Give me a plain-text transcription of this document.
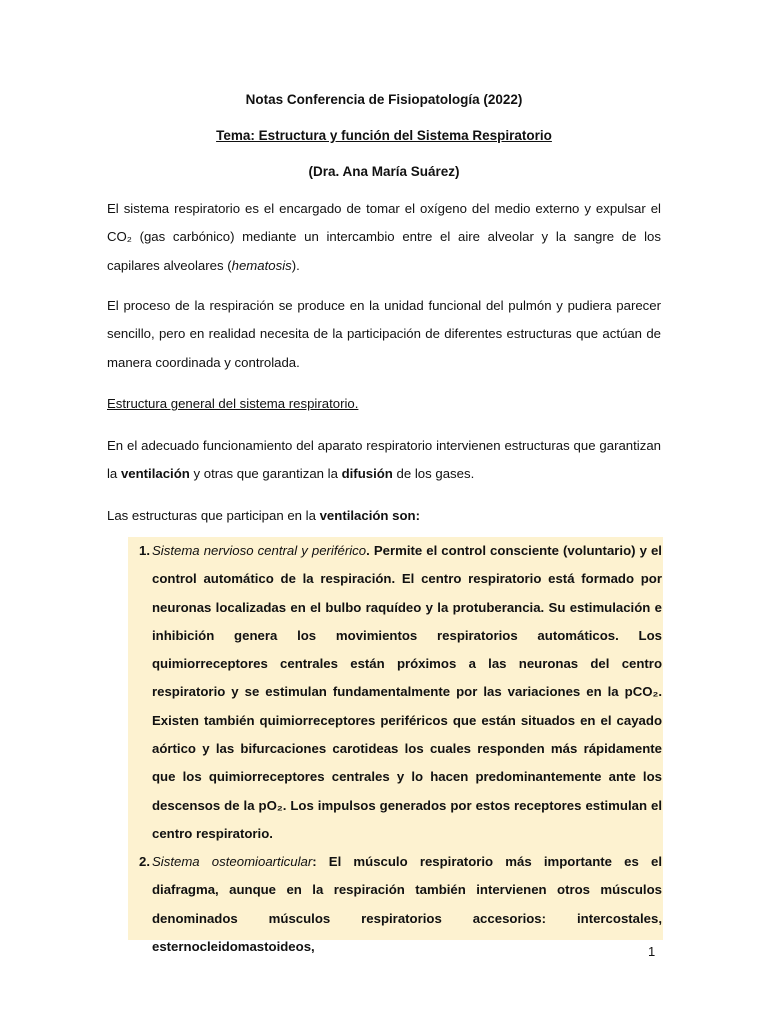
Notas Conferencia de Fisiopatología (2022)
Tema: Estructura y función del Sistema Respiratorio
(Dra. Ana María Suárez)
El sistema respiratorio es el encargado de tomar el oxígeno del medio externo y expulsar el CO₂ (gas carbónico) mediante un intercambio entre el aire alveolar y la sangre de los capilares alveolares (hematosis).
El proceso de la respiración se produce en la unidad funcional del pulmón y pudiera parecer sencillo, pero en realidad necesita de la participación de diferentes estructuras que actúan de manera coordinada y controlada.
Estructura general del sistema respiratorio.
En el adecuado funcionamiento del aparato respiratorio intervienen estructuras que garantizan la ventilación y otras que garantizan la difusión de los gases.
Las estructuras que participan en la ventilación son:
1. Sistema nervioso central y periférico. Permite el control consciente (voluntario) y el control automático de la respiración. El centro respiratorio está formado por neuronas localizadas en el bulbo raquídeo y la protuberancia. Su estimulación e inhibición genera los movimientos respiratorios automáticos. Los quimiorreceptores centrales están próximos a las neuronas del centro respiratorio y se estimulan fundamentalmente por las variaciones en la pCO₂. Existen también quimiorreceptores periféricos que están situados en el cayado aórtico y las bifurcaciones carotideas los cuales responden más rápidamente que los quimiorreceptores centrales y lo hacen predominantemente ante los descensos de la pO₂. Los impulsos generados por estos receptores estimulan el centro respiratorio.
2. Sistema osteomioarticular: El músculo respiratorio más importante es el diafragma, aunque en la respiración también intervienen otros músculos denominados músculos respiratorios accesorios: intercostales, esternocleidomastoideos,	1
